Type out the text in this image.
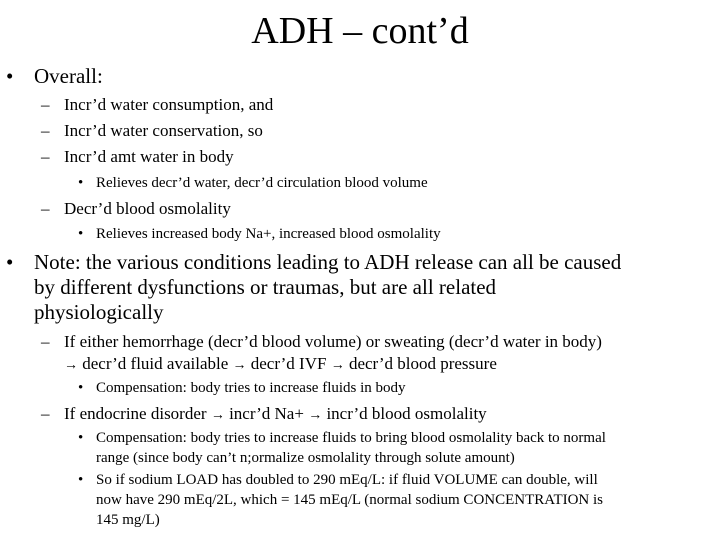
ADH – cont’d
• Overall:
– Incr’d water consumption, and
– Incr’d water conservation, so
– Incr’d amt water in body
• Relieves decr’d water, decr’d circulation blood volume
– Decr’d blood osmolality
• Relieves increased body Na+, increased blood osmolality
• Note: the various conditions leading to ADH release can all be caused
by different dysfunctions or traumas, but are all related
physiologically
– If either hemorrhage (decr’d blood volume) or sweating (decr’d water in body)
→ decr’d fluid available → decr’d IVF → decr’d blood pressure
• Compensation: body tries to increase fluids in body
– If endocrine disorder → incr’d Na+ → incr’d blood osmolality
• Compensation: body tries to increase fluids to bring blood osmolality back to normal
range (since body can’t n;ormalize osmolality through solute amount)
• So if sodium LOAD has doubled to 290 mEq/L: if fluid VOLUME can double, will
now have 290 mEq/2L, which = 145 mEq/L (normal sodium CONCENTRATION is
145 mg/L)
